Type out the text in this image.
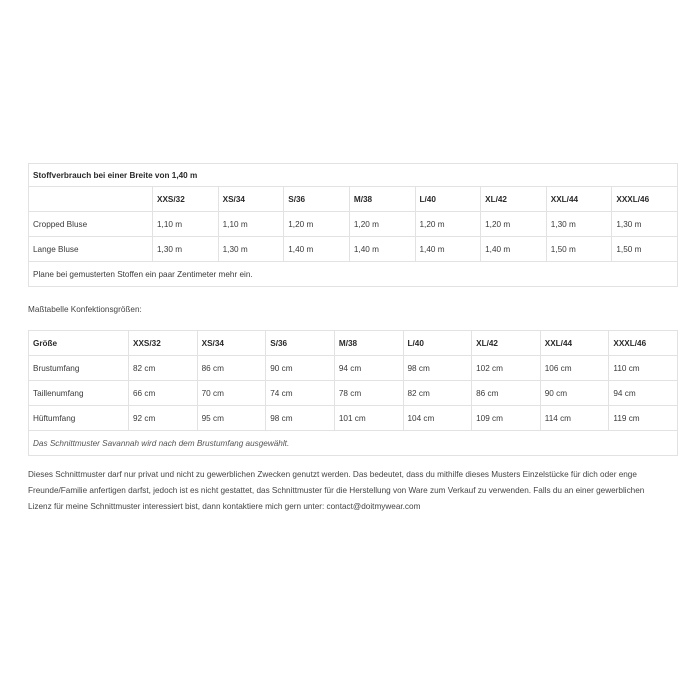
Stoffverbrauch bei einer Breite von 1,40 m								
	XXS/32	XS/34	S/36	M/38	L/40	XL/42	XXL/44	XXXL/46
Cropped Bluse	1,10 m	1,10 m	1,20 m	1,20 m	1,20 m	1,20 m	1,30 m	1,30 m
Lange Bluse	1,30 m	1,30 m	1,40 m	1,40 m	1,40 m	1,40 m	1,50 m	1,50 m
Plane bei gemusterten Stoffen ein paar Zentimeter mehr ein.								

Maßtabelle Konfektionsgrößen:

Größe	XXS/32	XS/34	S/36	M/38	L/40	XL/42	XXL/44	XXXL/46
Brustumfang	82 cm	86 cm	90 cm	94 cm	98 cm	102 cm	106 cm	110 cm
Taillenumfang	66 cm	70 cm	74 cm	78 cm	82 cm	86 cm	90 cm	94 cm
Hüftumfang	92 cm	95 cm	98 cm	101 cm	104 cm	109 cm	114 cm	119 cm
Das Schnittmuster Savannah wird nach dem Brustumfang ausgewählt.								

Dieses Schnittmuster darf nur privat und nicht zu gewerblichen Zwecken genutzt werden. Das bedeutet, dass du mithilfe dieses Musters Einzelstücke für dich oder enge Freunde/Familie anfertigen darfst, jedoch ist es nicht gestattet, das Schnittmuster für die Herstellung von Ware zum Verkauf zu verwenden. Falls du an einer gewerblichen Lizenz für meine Schnittmuster interessiert bist, dann kontaktiere mich gern unter: contact@doitmywear.com
